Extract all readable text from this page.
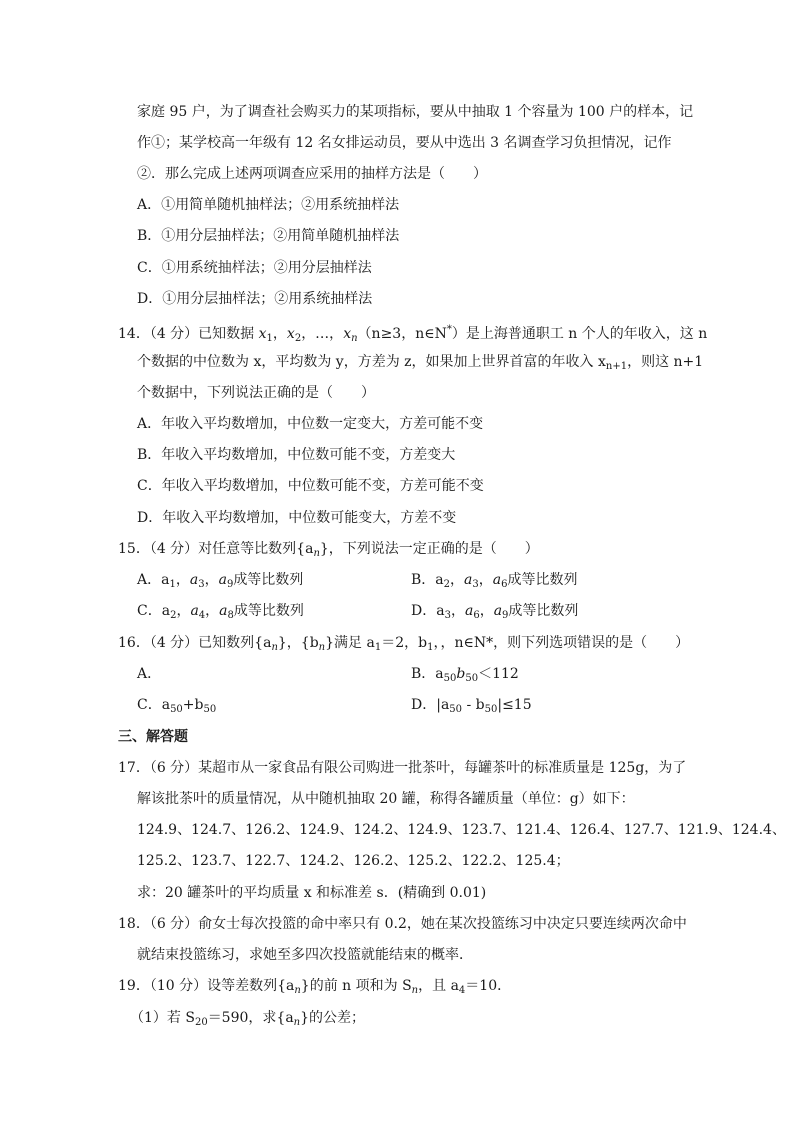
家庭 95 户，为了调查社会购买力的某项指标，要从中抽取 1 个容量为 100 户的样本，记
作①；某学校高一年级有 12 名女排运动员，要从中选出 3 名调查学习负担情况，记作
②．那么完成上述两项调查应采用的抽样方法是（　　）
A．①用简单随机抽样法；②用系统抽样法
B．①用分层抽样法；②用简单随机抽样法
C．①用系统抽样法；②用分层抽样法
D．①用分层抽样法；②用系统抽样法
14．（4 分）已知数据 $x_1$，$x_2$，…，$x_n(n\ge 3$，n∈N*）是上海普通职工 n 个人的年收入，这 n
个数据的中位数为 x，平均数为 y，方差为 z，如果加上世界首富的年收入 $x_{n+1}$，则这 n+1
个数据中，下列说法正确的是（　　）
A．年收入平均数增加，中位数一定变大，方差可能不变
B．年收入平均数增加，中位数可能不变，方差变大
C．年收入平均数增加，中位数可能不变，方差可能不变
D．年收入平均数增加，中位数可能变大，方差不变
15．（4 分）对任意等比数列$\{a_n\}$，下列说法一定正确的是（　　）
A．$a_1$，$a_3$，$a_9$成等比数列	B．$a_2$，$a_3$，$a_6$成等比数列
C．$a_2$，$a_4$，$a_8$成等比数列	D．$a_3$，$a_6$，$a_9$成等比数列
16．（4 分）已知数列$\{a_n\}$，$\{b_n\}$满足 $a_1=2$，$b_1$，，n∈N*，则下列选项错误的是（　　）
A．	B．$a_{50}b_{50}<112$
C．$a_{50}+b_{50}$	D．$|a_{50} - b_{50}|\le 15$
三、解答题
17．（6 分）某超市从一家食品有限公司购进一批茶叶，每罐茶叶的标准质量是 125g，为了
解该批茶叶的质量情况，从中随机抽取 20 罐，称得各罐质量（单位：g）如下：
124.9、124.7、126.2、124.9、124.2、124.9、123.7、121.4、126.4、127.7、121.9、124.4、
125.2、123.7、122.7、124.2、126.2、125.2、122.2、125.4；
求：20 罐茶叶的平均质量 x 和标准差 s．(精确到 0.01)
18．（6 分）俞女士每次投篮的命中率只有 0.2，她在某次投篮练习中决定只要连续两次命中
就结束投篮练习，求她至多四次投篮就能结束的概率．
19．（10 分）设等差数列$\{a_n\}$的前 n 项和为 $S_n$，且 $a_4=10$．
（1）若 $S_{20}=590$，求$\{a_n\}$的公差；
